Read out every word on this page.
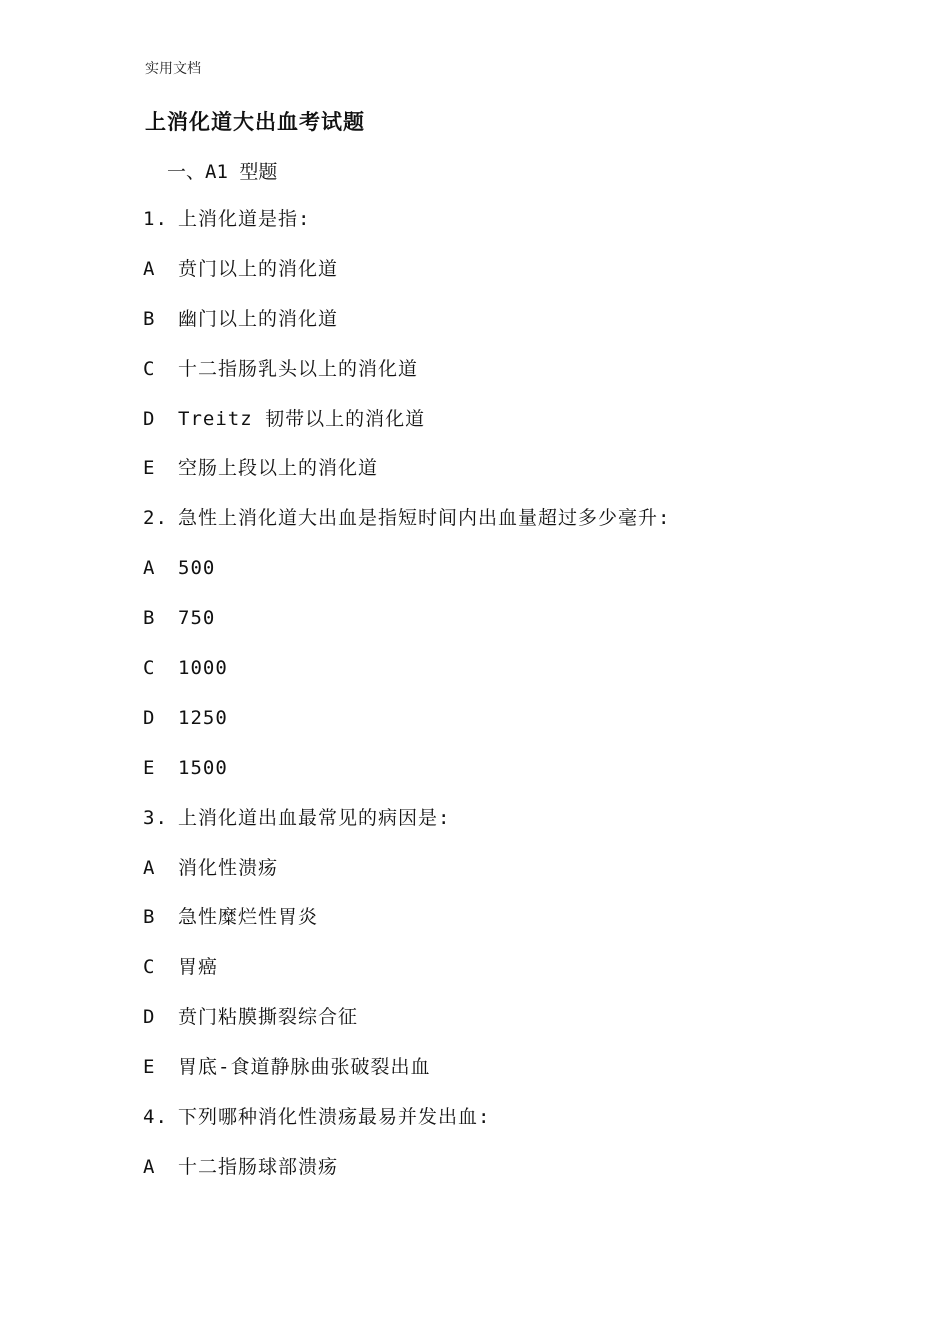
实用文档
上消化道大出血考试题
一、A1 型题
1. 上消化道是指:
A 贲门以上的消化道
B 幽门以上的消化道
C 十二指肠乳头以上的消化道
D Treitz 韧带以上的消化道
E 空肠上段以上的消化道
2. 急性上消化道大出血是指短时间内出血量超过多少毫升:
A 500
B 750
C 1000
D 1250
E 1500
3. 上消化道出血最常见的病因是:
A 消化性溃疡
B 急性糜烂性胃炎
C 胃癌
D 贲门粘膜撕裂综合征
E 胃底-食道静脉曲张破裂出血
4. 下列哪种消化性溃疡最易并发出血:
A 十二指肠球部溃疡
